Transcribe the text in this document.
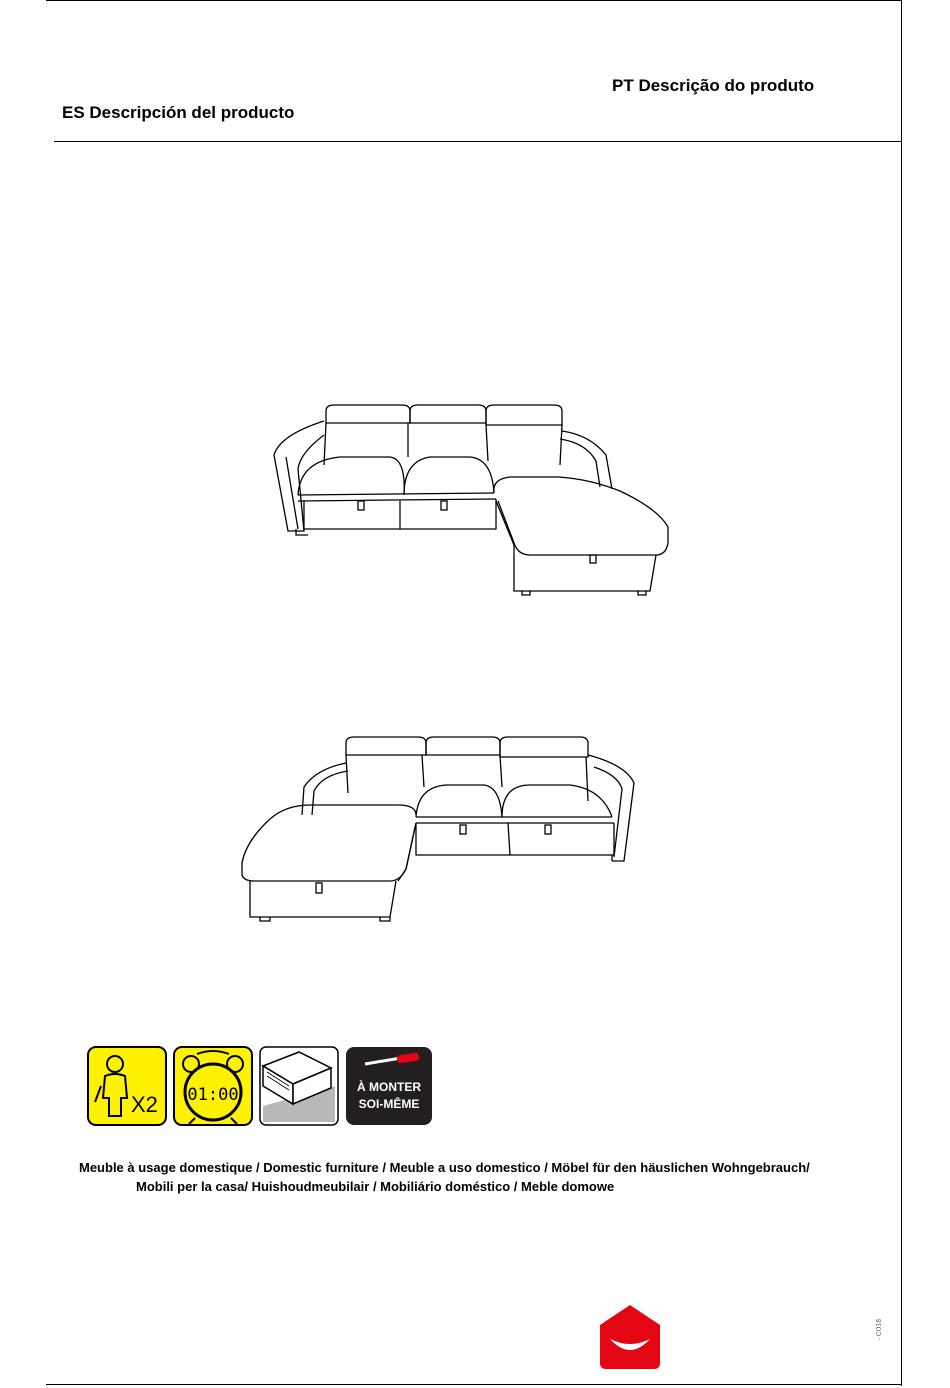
PT Descrição do produto
ES Descripción del producto
X2 01:00	À MONTER
SOI-MÊME
Meuble à usage domestique / Domestic furniture / Meuble a uso domestico / Möbel für den häuslichen Wohngebrauch/
Mobili per la casa/ Huishoudmeubilair / Mobiliário doméstico / Meble domowe
- CO18
